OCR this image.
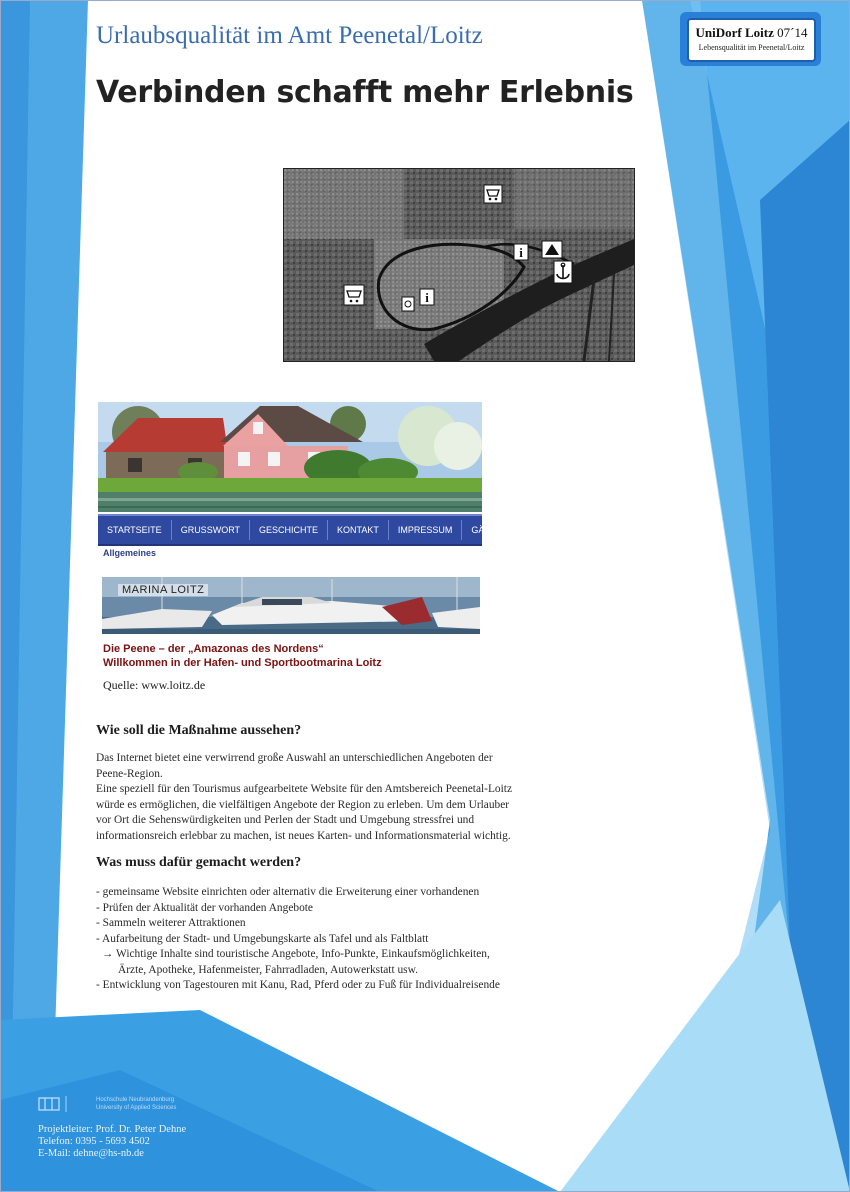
Urlaubsqualität im Amt Peenetal/Loitz
Verbinden schafft mehr Erlebnis
UniDorf Loitz 07´14
Lebensqualität im Peenetal/Loitz
i
i
STARTSEITE	GRUSSWORT	GESCHICHTE	KONTAKT	IMPRESSUM	GÄSTEBUCH
Allgemeines
MARINA LOITZ
Die Peene – der „Amazonas des Nordens“
Willkommen in der Hafen- und Sportbootmarina Loitz
Quelle: www.loitz.de
Wie soll die Maßnahme aussehen?
Das Internet bietet eine verwirrend große Auswahl an unterschiedlichen Angeboten der
Peene-Region.
Eine speziell für den Tourismus aufgearbeitete Website für den Amtsbereich Peenetal-Loitz
würde es ermöglichen, die vielfältigen Angebote der Region zu erleben. Um dem Urlauber
vor Ort die Sehenswürdigkeiten und Perlen der Stadt und Umgebung stressfrei und
informationsreich erlebbar zu machen, ist neues Karten- und Informationsmaterial wichtig.
Was muss dafür gemacht werden?
- gemeinsame Website einrichten oder alternativ die Erweiterung einer vorhandenen
- Prüfen der Aktualität der vorhanden Angebote
- Sammeln weiterer Attraktionen
- Aufarbeitung der Stadt- und Umgebungskarte als Tafel und als Faltblatt
→ Wichtige Inhalte sind touristische Angebote, Info-Punkte, Einkaufsmöglichkeiten,
Ärzte, Apotheke, Hafenmeister, Fahrradladen, Autowerkstatt usw.
- Entwicklung von Tagestouren mit Kanu, Rad, Pferd oder zu Fuß für Individualreisende
Hochschule Neubrandenburg
University of Applied Sciences
Projektleiter: Prof. Dr. Peter Dehne
Telefon: 0395 - 5693 4502
E-Mail: dehne@hs-nb.de
